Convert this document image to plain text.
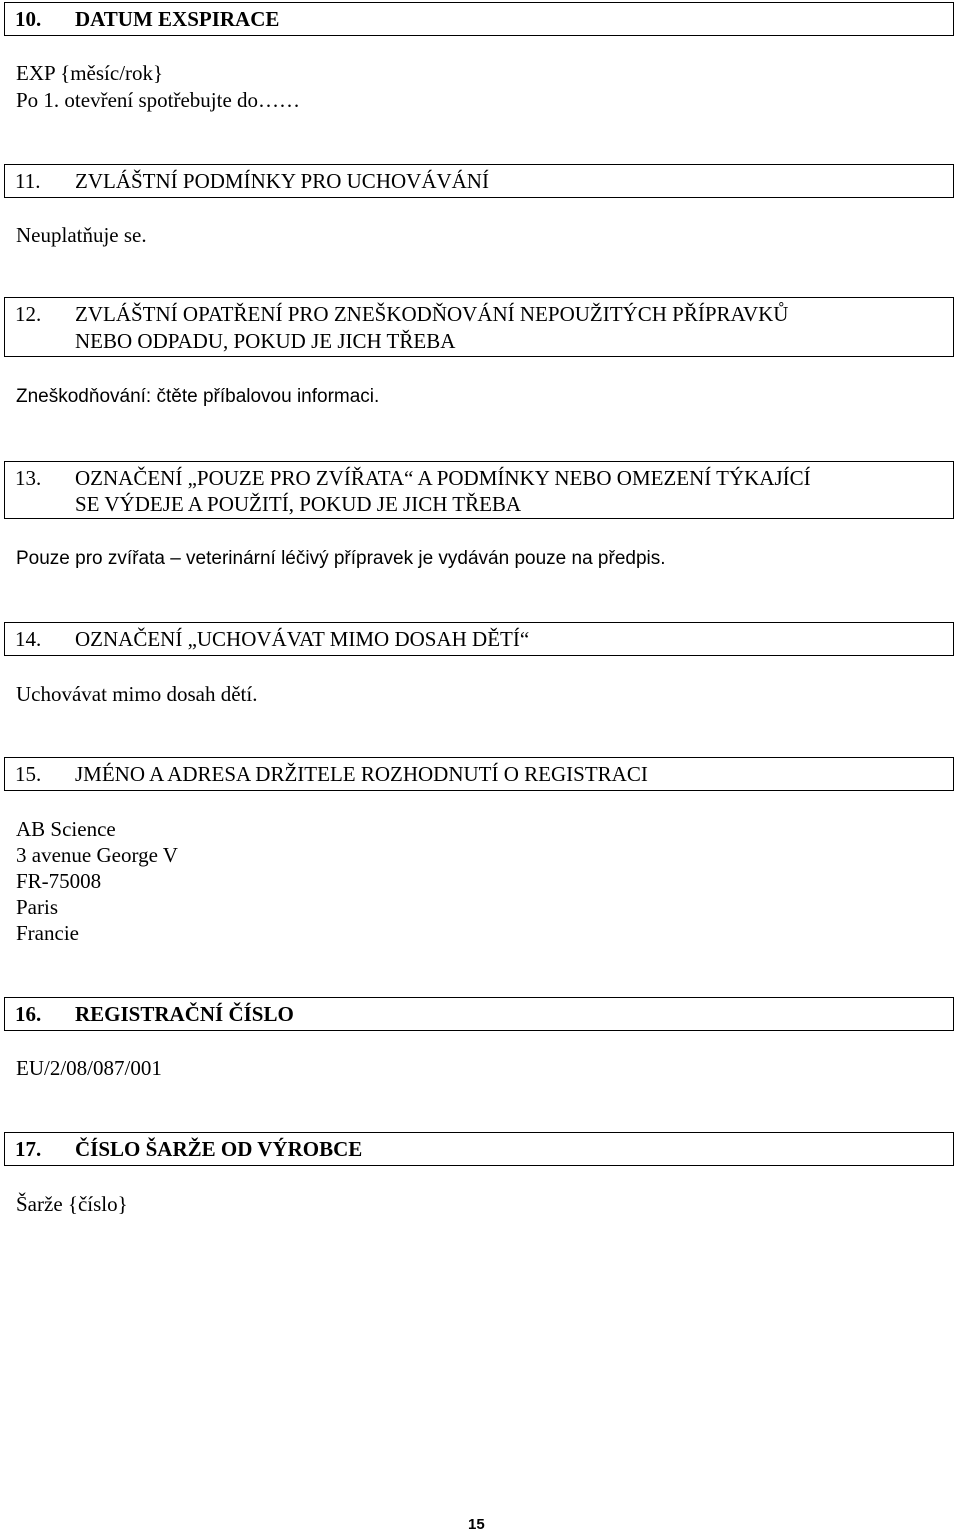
10. DATUM EXSPIRACE
EXP {měsíc/rok}
Po 1. otevření spotřebujte do……
11. ZVLÁŠTNÍ PODMÍNKY PRO UCHOVÁVÁNÍ
Neuplatňuje se.
12. ZVLÁŠTNÍ OPATŘENÍ PRO ZNEŠKODŇOVÁNÍ NEPOUŽITÝCH PŘÍPRAVKŮ
NEBO ODPADU, POKUD JE JICH TŘEBA
Zneškodňování: čtěte příbalovou informaci.
13. OZNAČENÍ „POUZE PRO ZVÍŘATA“ A PODMÍNKY NEBO OMEZENÍ TÝKAJÍCÍ
SE VÝDEJE A POUŽITÍ, POKUD JE JICH TŘEBA
Pouze pro zvířata – veterinární léčivý přípravek je vydáván pouze na předpis.
14. OZNAČENÍ „UCHOVÁVAT MIMO DOSAH DĚTÍ“
Uchovávat mimo dosah dětí.
15. JMÉNO A ADRESA DRŽITELE ROZHODNUTÍ O REGISTRACI
AB Science
3 avenue George V
FR-75008
Paris
Francie
16. REGISTRAČNÍ ČÍSLO
EU/2/08/087/001
17. ČÍSLO ŠARŽE OD VÝROBCE
Šarže {číslo}
15
